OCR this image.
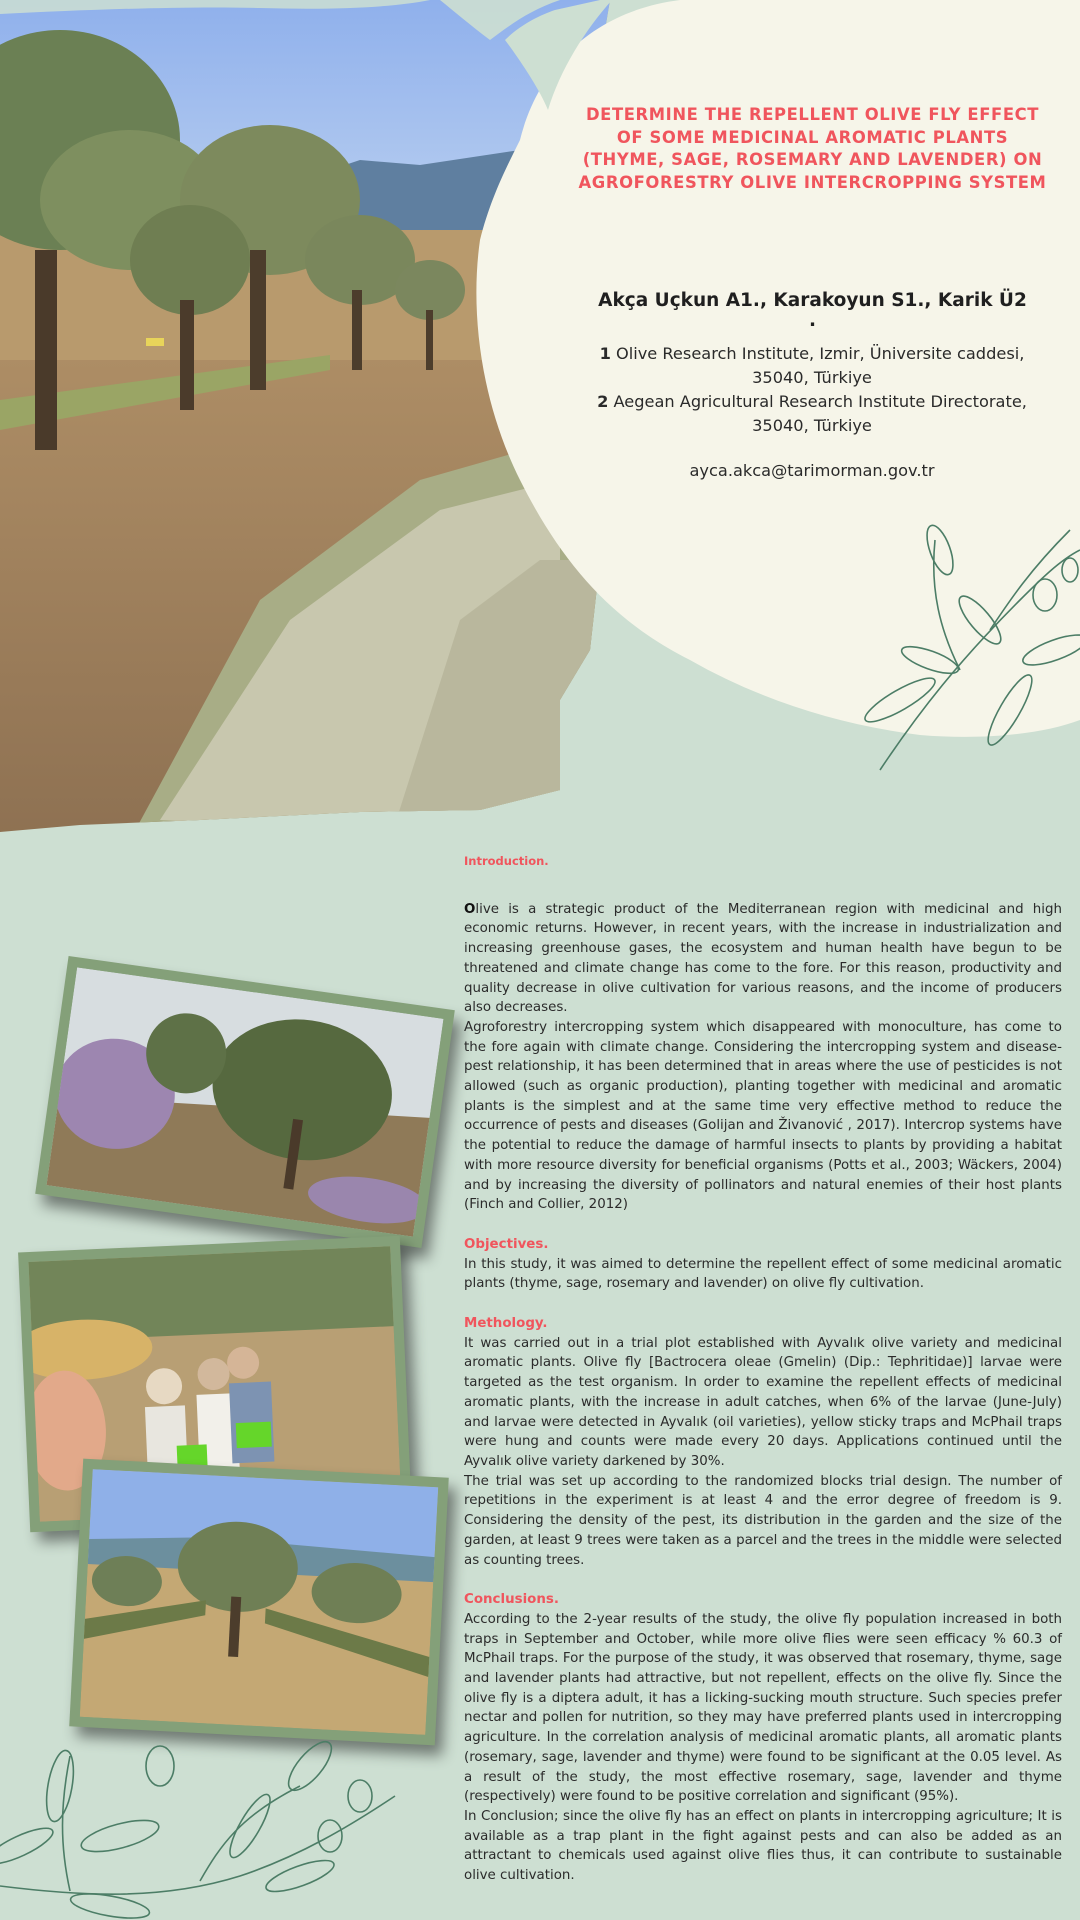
DETERMINE THE REPELLENT OLIVE FLY EFFECT OF SOME MEDICINAL AROMATIC PLANTS (THYME, SAGE, ROSEMARY AND LAVENDER) ON AGROFORESTRY OLIVE INTERCROPPING SYSTEM
Akça Uçkun A1., Karakoyun S1., Karik Ü2
.
1 Olive Research Institute, Izmir, Üniversite caddesi, 35040, Türkiye
2 Aegean Agricultural Research Institute Directorate, 35040, Türkiye
ayca.akca@tarimorman.gov.tr
Introduction.

Olive is a strategic product of the Mediterranean region with medicinal and high economic returns. However, in recent years, with the increase in industrialization and increasing greenhouse gases, the ecosystem and human health have begun to be threatened and climate change has come to the fore. For this reason, productivity and quality decrease in olive cultivation for various reasons, and the income of producers also decreases.

Agroforestry intercropping system which disappeared with monoculture, has come to the fore again with climate change. Considering the intercropping system and disease-pest relationship, it has been determined that in areas where the use of pesticides is not allowed (such as organic production), planting together with medicinal and aromatic plants is the simplest and at the same time very effective method to reduce the occurrence of pests and diseases (Golijan and Živanović , 2017). Intercrop systems have the potential to reduce the damage of harmful insects to plants by providing a habitat with more resource diversity for beneficial organisms (Potts et al., 2003; Wäckers, 2004) and by increasing the diversity of pollinators and natural enemies of their host plants (Finch and Collier, 2012)

Objectives.

In this study, it was aimed to determine the repellent effect of some medicinal aromatic plants (thyme, sage, rosemary and lavender) on olive fly cultivation.

Methology.

It was carried out in a trial plot established with Ayvalık olive variety and medicinal aromatic plants. Olive fly [Bactrocera oleae (Gmelin) (Dip.: Tephritidae)] larvae were targeted as the test organism. In order to examine the repellent effects of medicinal aromatic plants, with the increase in adult catches, when 6% of the larvae (June-July) and larvae were detected in Ayvalık (oil varieties), yellow sticky traps and McPhail traps were hung and counts were made every 20 days. Applications continued until the Ayvalık olive variety darkened by 30%.

The trial was set up according to the randomized blocks trial design. The number of repetitions in the experiment is at least 4 and the error degree of freedom is 9. Considering the density of the pest, its distribution in the garden and the size of the garden, at least 9 trees were taken as a parcel and the trees in the middle were selected as counting trees.

Conclusions.

According to the 2-year results of the study, the olive fly population increased in both traps in September and October, while more olive flies were seen efficacy % 60.3 of McPhail traps. For the purpose of the study, it was observed that rosemary, thyme, sage and lavender plants had attractive, but not repellent, effects on the olive fly. Since the olive fly is a diptera adult, it has a licking-sucking mouth structure. Such species prefer nectar and pollen for nutrition, so they may have preferred plants used in intercropping agriculture. In the correlation analysis of medicinal aromatic plants, all aromatic plants (rosemary, sage, lavender and thyme) were found to be significant at the 0.05 level. As a result of the study, the most effective rosemary, sage, lavender and thyme (respectively) were found to be positive correlation and significant (95%).

In Conclusion; since the olive fly has an effect on plants in intercropping agriculture; It is available as a trap plant in the fight against pests and can also be added as an attractant to chemicals used against olive flies thus, it can contribute to sustainable olive cultivation.
